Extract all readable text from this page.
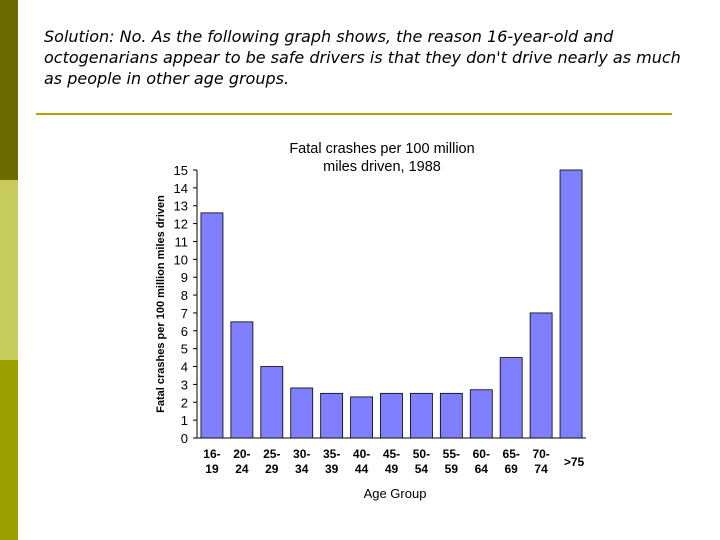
Solution: No. As the following graph shows, the reason 16-year-old and octogenarians appear to be safe drivers is that they don't drive nearly as much as people in other age groups.

Fatal crashes per 100 million
miles driven, 1988
Fatal crashes per 100 million miles driven
0
1
2
3
4
5
6
7
8
9
10
11
12
13
14
15
16-
19
20-
24
25-
29
30-
34
35-
39
40-
44
45-
49
50-
54
55-
59
60-
64
65-
69
70-
74 >75
Age Group
